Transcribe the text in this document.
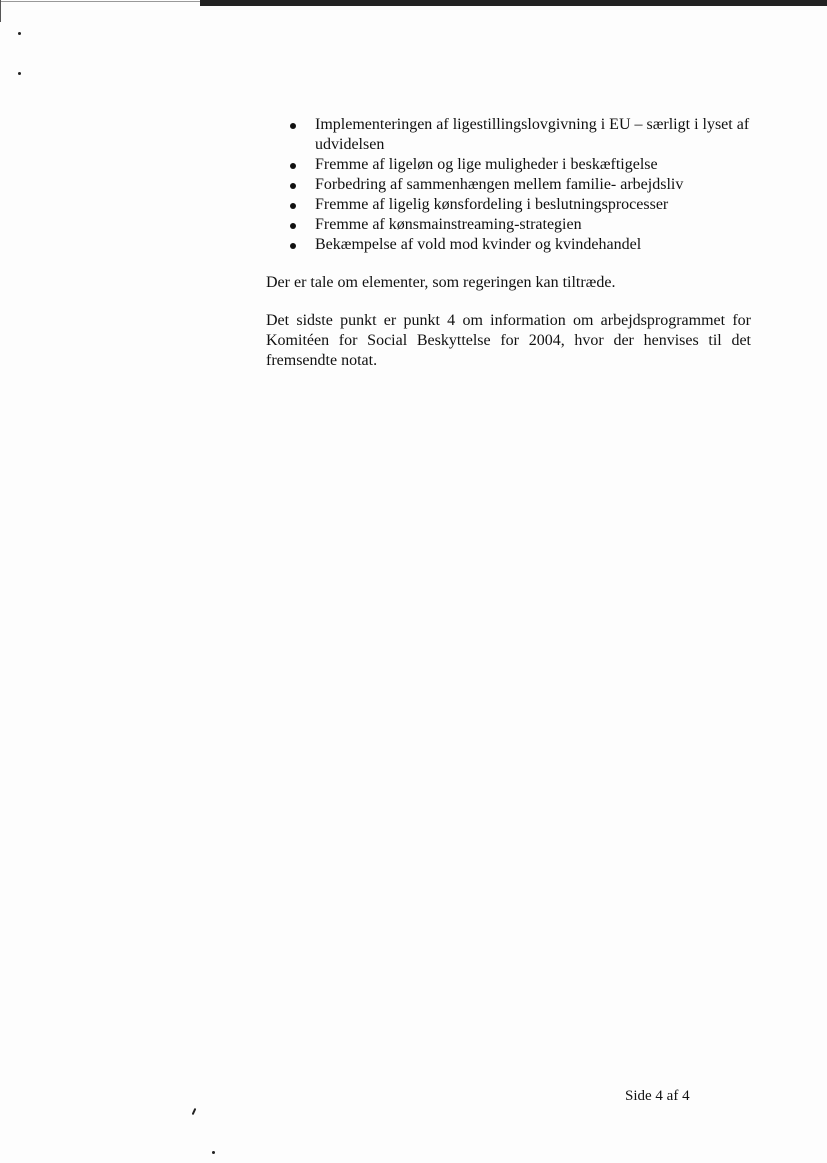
Implementeringen af ligestillingslovgivning i EU – særligt i lyset af udvidelsen
Fremme af ligeløn og lige muligheder i beskæftigelse
Forbedring af sammenhængen mellem familie- arbejdsliv
Fremme af ligelig kønsfordeling i beslutningsprocesser
Fremme af kønsmainstreaming-strategien
Bekæmpelse af vold mod kvinder og kvindehandel

Der er tale om elementer, som regeringen kan tiltræde.

Det sidste punkt er punkt 4 om information om arbejdsprogrammet for Komitéen for Social Beskyttelse for 2004, hvor der henvises til det fremsendte notat.

Side 4 af 4
